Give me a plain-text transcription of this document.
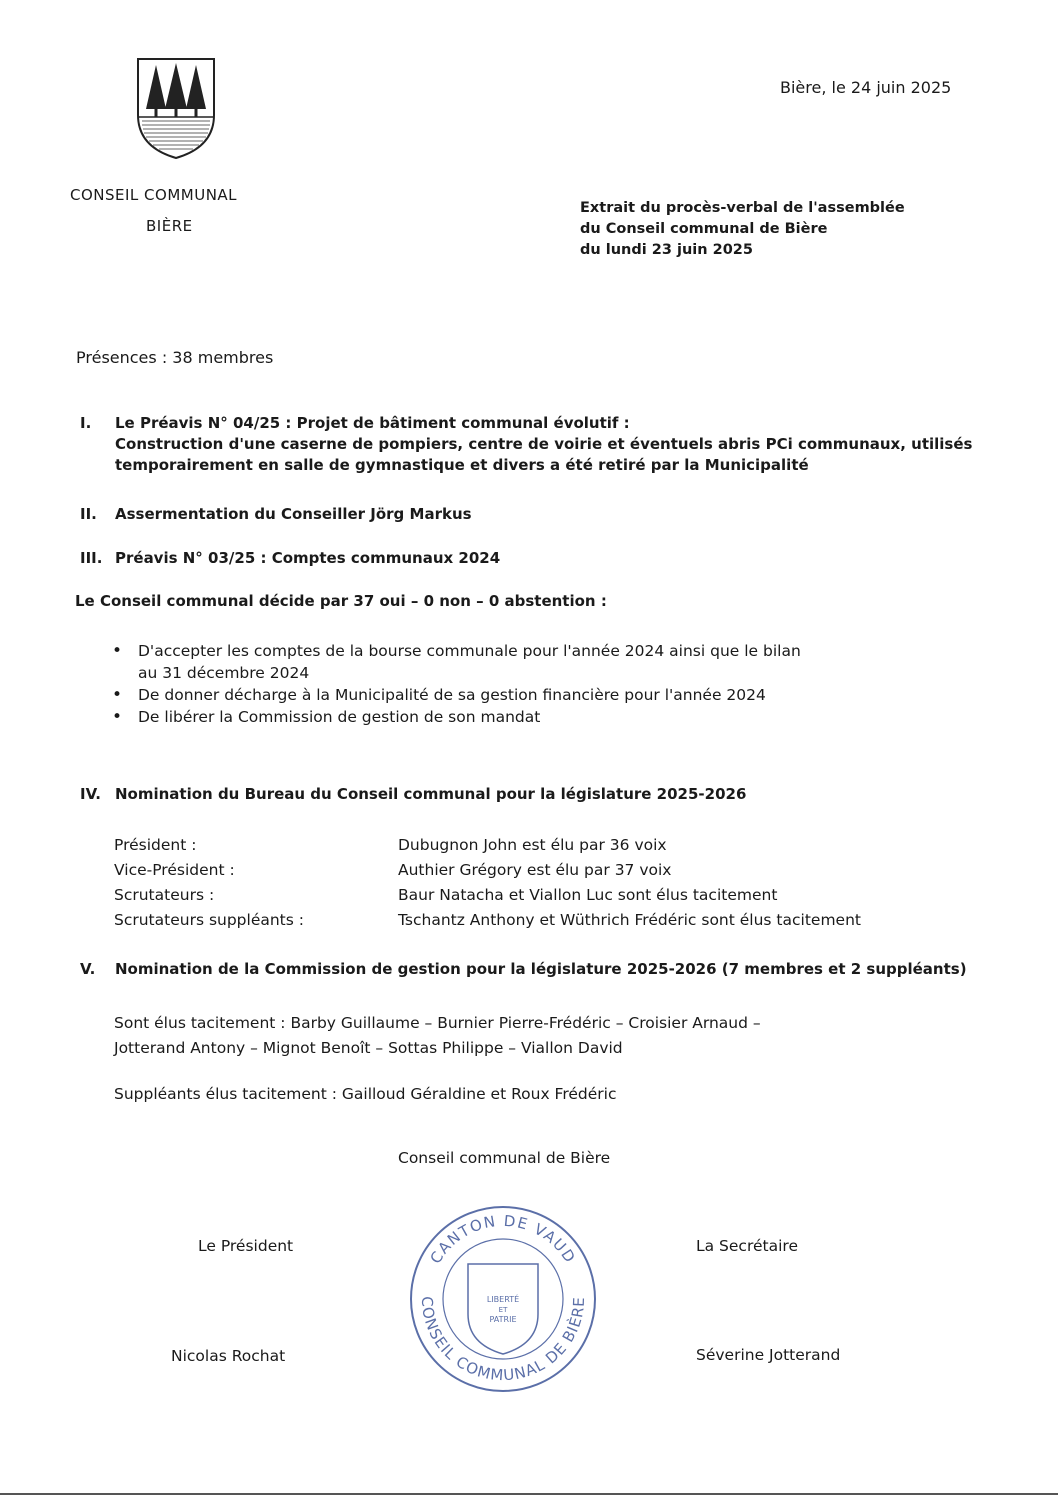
CONSEIL COMMUNAL
BIÈRE
Bière, le 24 juin 2025
Extrait du procès-verbal de l'assemblée
du Conseil communal de Bière
du lundi 23 juin 2025
Présences : 38 membres
I. Le Préavis N° 04/25 : Projet de bâtiment communal évolutif :
Construction d'une caserne de pompiers, centre de voirie et éventuels abris PCi communaux, utilisés
temporairement en salle de gymnastique et divers a été retiré par la Municipalité
II. Assermentation du Conseiller Jörg Markus
III. Préavis N° 03/25 : Comptes communaux 2024
Le Conseil communal décide par 37 oui – 0 non – 0 abstention :
• D'accepter les comptes de la bourse communale pour l'année 2024 ainsi que le bilan
au 31 décembre 2024
• De donner décharge à la Municipalité de sa gestion financière pour l'année 2024
• De libérer la Commission de gestion de son mandat
IV. Nomination du Bureau du Conseil communal pour la législature 2025-2026
Président :	Dubugnon John est élu par 36 voix
Vice-Président :	Authier Grégory est élu par 37 voix
Scrutateurs :	Baur Natacha et Viallon Luc sont élus tacitement
Scrutateurs suppléants :	Tschantz Anthony et Wüthrich Frédéric sont élus tacitement
V. Nomination de la Commission de gestion pour la législature 2025-2026 (7 membres et 2 suppléants)
Sont élus tacitement : Barby Guillaume – Burnier Pierre-Frédéric – Croisier Arnaud –
Jotterand Antony – Mignot Benoît – Sottas Philippe – Viallon David
Suppléants élus tacitement : Gailloud Géraldine et Roux Frédéric
Conseil communal de Bière
Le Président	La Secrétaire
Nicolas Rochat	Séverine Jotterand
CANTON DE VAUD
CONSEIL COMMUNAL DE BIÈRE
LIBERTÉ
ET
PATRIE
